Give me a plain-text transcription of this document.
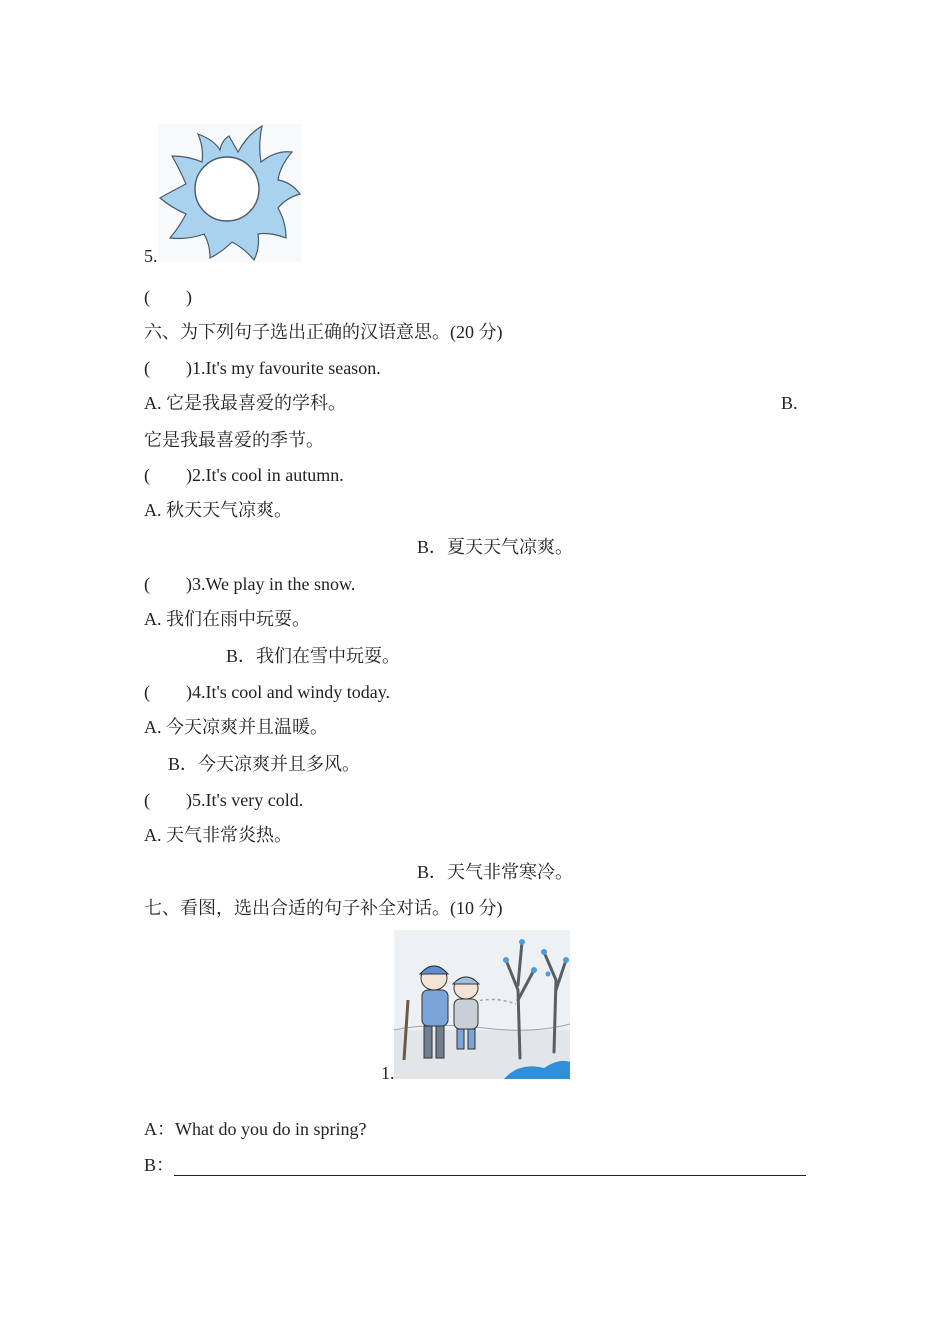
5.
(        )
六、为下列句子选出正确的汉语意思。(20 分)
(        )1.It's my favourite season.
A. 它是我最喜爱的学科。	B.
它是我最喜爱的季节。
(        )2.It's cool in autumn.
A. 秋天天气凉爽。
B．夏天天气凉爽。
(        )3.We play in the snow.
A. 我们在雨中玩耍。
B．我们在雪中玩耍。
(        )4.It's cool and windy today.
A. 今天凉爽并且温暖。
B．今天凉爽并且多风。
(        )5.It's very cold.
A. 天气非常炎热。
B．天气非常寒冷。
七、看图，选出合适的句子补全对话。(10 分)
1.
A：What do you do in spring?
B：
